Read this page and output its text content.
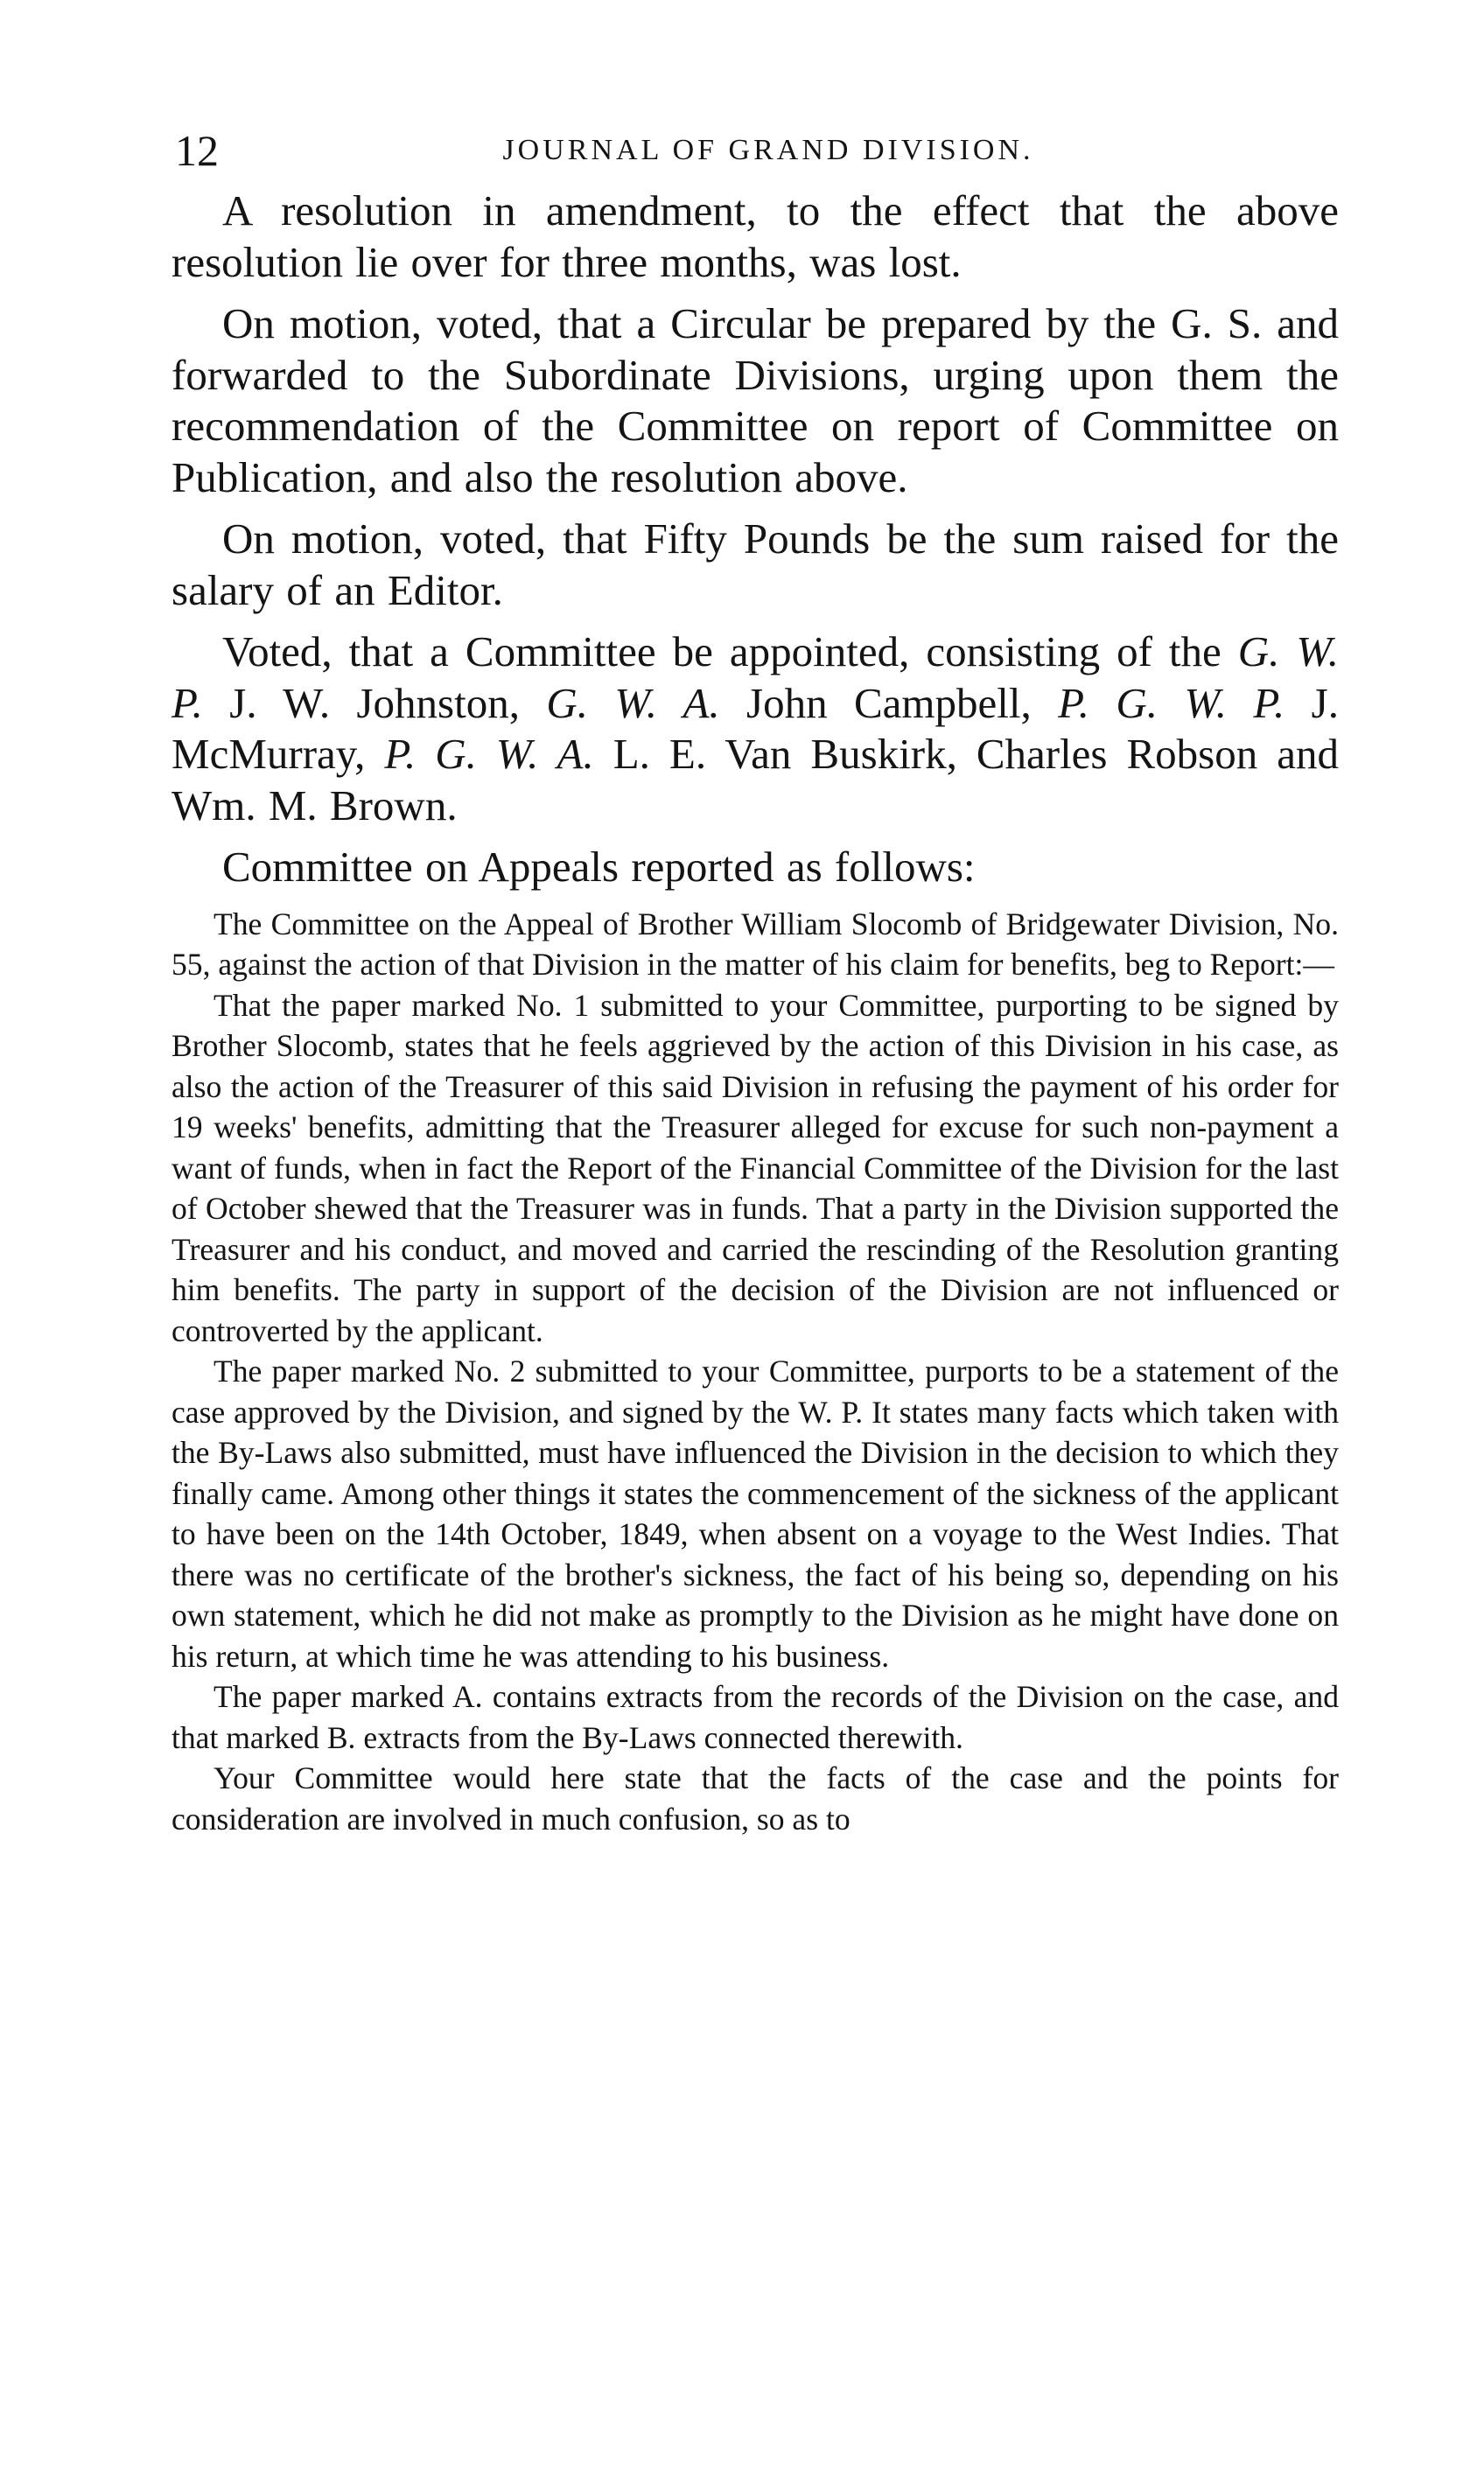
12	JOURNAL OF GRAND DIVISION.

A resolution in amendment, to the effect that the above resolution lie over for three months, was lost.

On motion, voted, that a Circular be prepared by the G. S. and forwarded to the Subordinate Divisions, urging upon them the recommendation of the Committee on report of Committee on Publication, and also the resolution above.

On motion, voted, that Fifty Pounds be the sum raised for the salary of an Editor.

Voted, that a Committee be appointed, consisting of the G. W. P. J. W. Johnston, G. W. A. John Campbell, P. G. W. P. J. McMurray, P. G. W. A. L. E. Van Buskirk, Charles Robson and Wm. M. Brown.

Committee on Appeals reported as follows:

The Committee on the Appeal of Brother William Slocomb of Bridgewater Division, No. 55, against the action of that Division in the matter of his claim for benefits, beg to Report:—

That the paper marked No. 1 submitted to your Committee, purporting to be signed by Brother Slocomb, states that he feels aggrieved by the action of this Division in his case, as also the action of the Treasurer of this said Division in refusing the payment of his order for 19 weeks' benefits, admitting that the Treasurer alleged for excuse for such non-payment a want of funds, when in fact the Report of the Financial Committee of the Division for the last of October shewed that the Treasurer was in funds. That a party in the Division supported the Treasurer and his conduct, and moved and carried the rescinding of the Resolution granting him benefits. The party in support of the decision of the Division are not influenced or controverted by the applicant.

The paper marked No. 2 submitted to your Committee, purports to be a statement of the case approved by the Division, and signed by the W. P. It states many facts which taken with the By-Laws also submitted, must have influenced the Division in the decision to which they finally came. Among other things it states the commencement of the sickness of the applicant to have been on the 14th October, 1849, when absent on a voyage to the West Indies. That there was no certificate of the brother's sickness, the fact of his being so, depending on his own statement, which he did not make as promptly to the Division as he might have done on his return, at which time he was attending to his business.

The paper marked A. contains extracts from the records of the Division on the case, and that marked B. extracts from the By-Laws connected therewith.

Your Committee would here state that the facts of the case and the points for consideration are involved in much confusion, so as to
